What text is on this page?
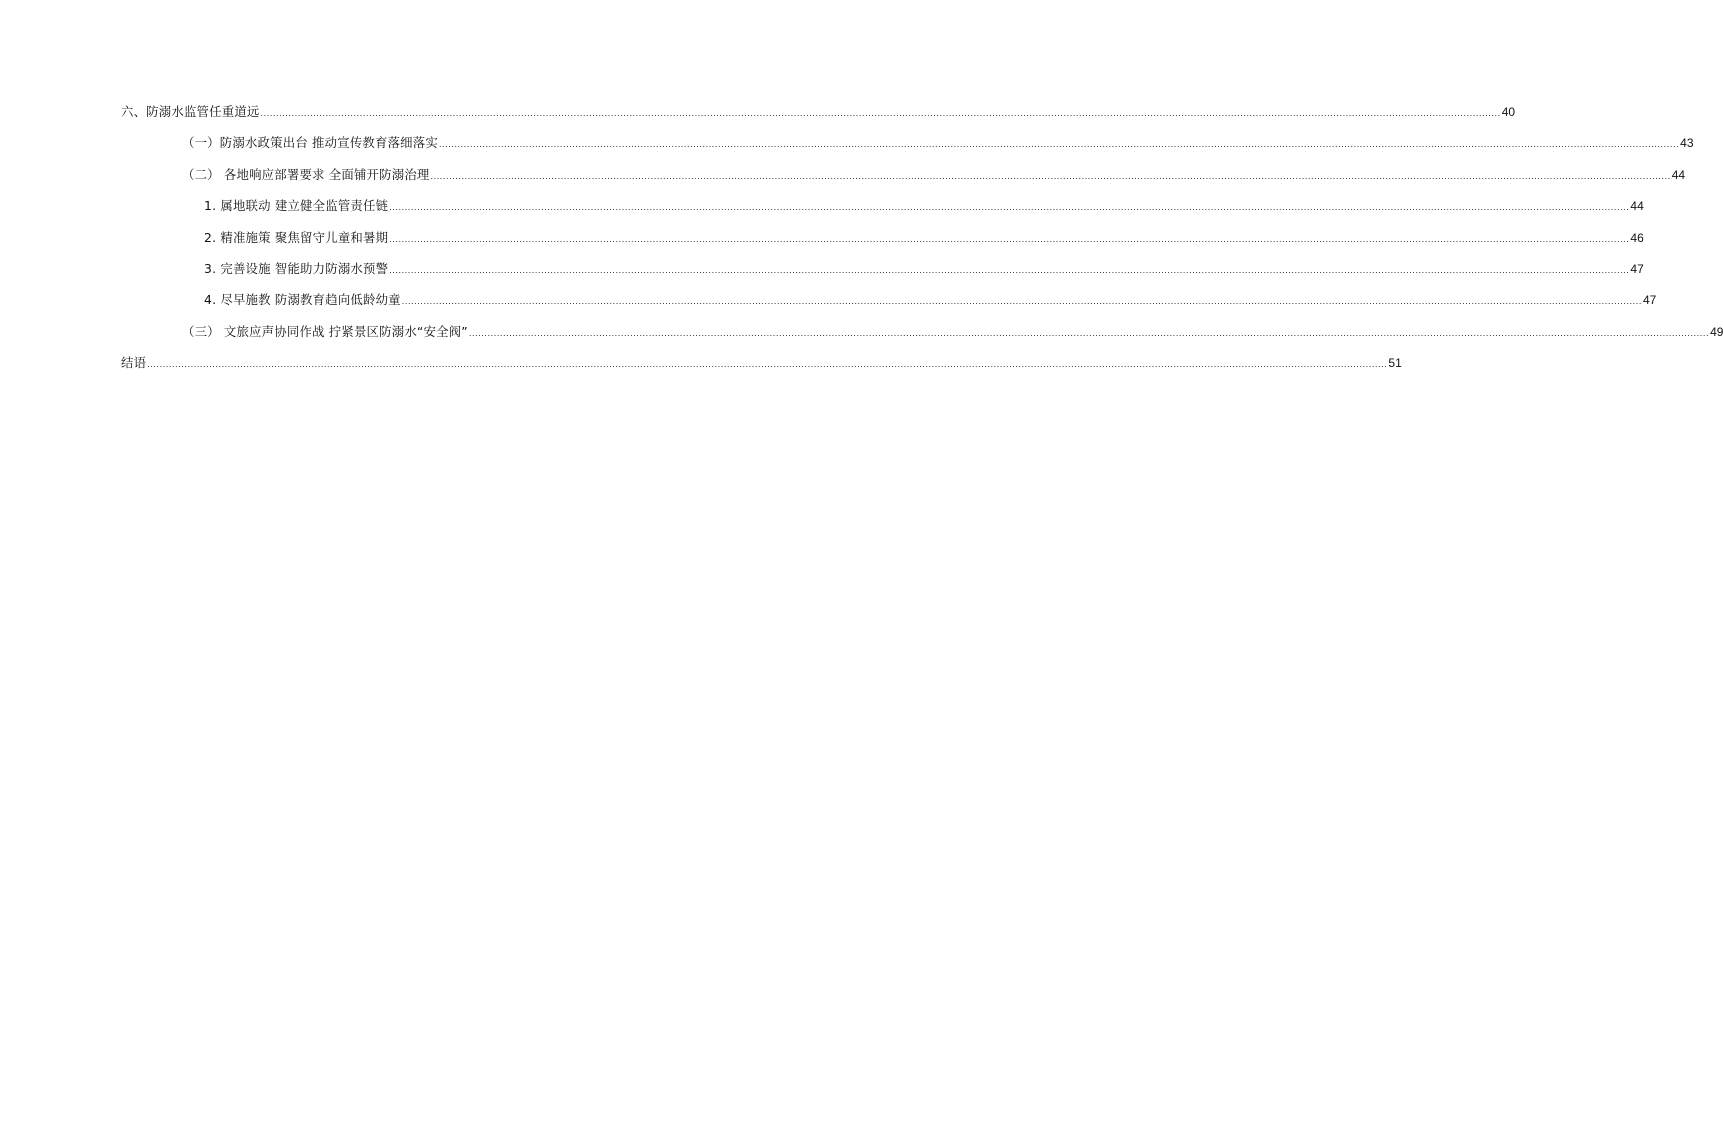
六、防溺水监管任重道远 ................................................................................................................................................................................................................................................................................................................................................................................................................ 40
（一）防溺水政策出台 推动宣传教育落细落实 ................................................................................................................................................................................................................................................................................................................................................................................................................ 43
（二） 各地响应部署要求 全面铺开防溺治理 ................................................................................................................................................................................................................................................................................................................................................................................................................ 44
1. 属地联动 建立健全监管责任链 ................................................................................................................................................................................................................................................................................................................................................................................................................ 44
2. 精准施策 聚焦留守儿童和暑期 ................................................................................................................................................................................................................................................................................................................................................................................................................ 46
3. 完善设施 智能助力防溺水预警 ................................................................................................................................................................................................................................................................................................................................................................................................................ 47
4. 尽早施教 防溺教育趋向低龄幼童 ................................................................................................................................................................................................................................................................................................................................................................................................................ 47
（三） 文旅应声协同作战 拧紧景区防溺水“安全阀” ................................................................................................................................................................................................................................................................................................................................................................................................................ 49
结语 ................................................................................................................................................................................................................................................................................................................................................................................................................ 51
